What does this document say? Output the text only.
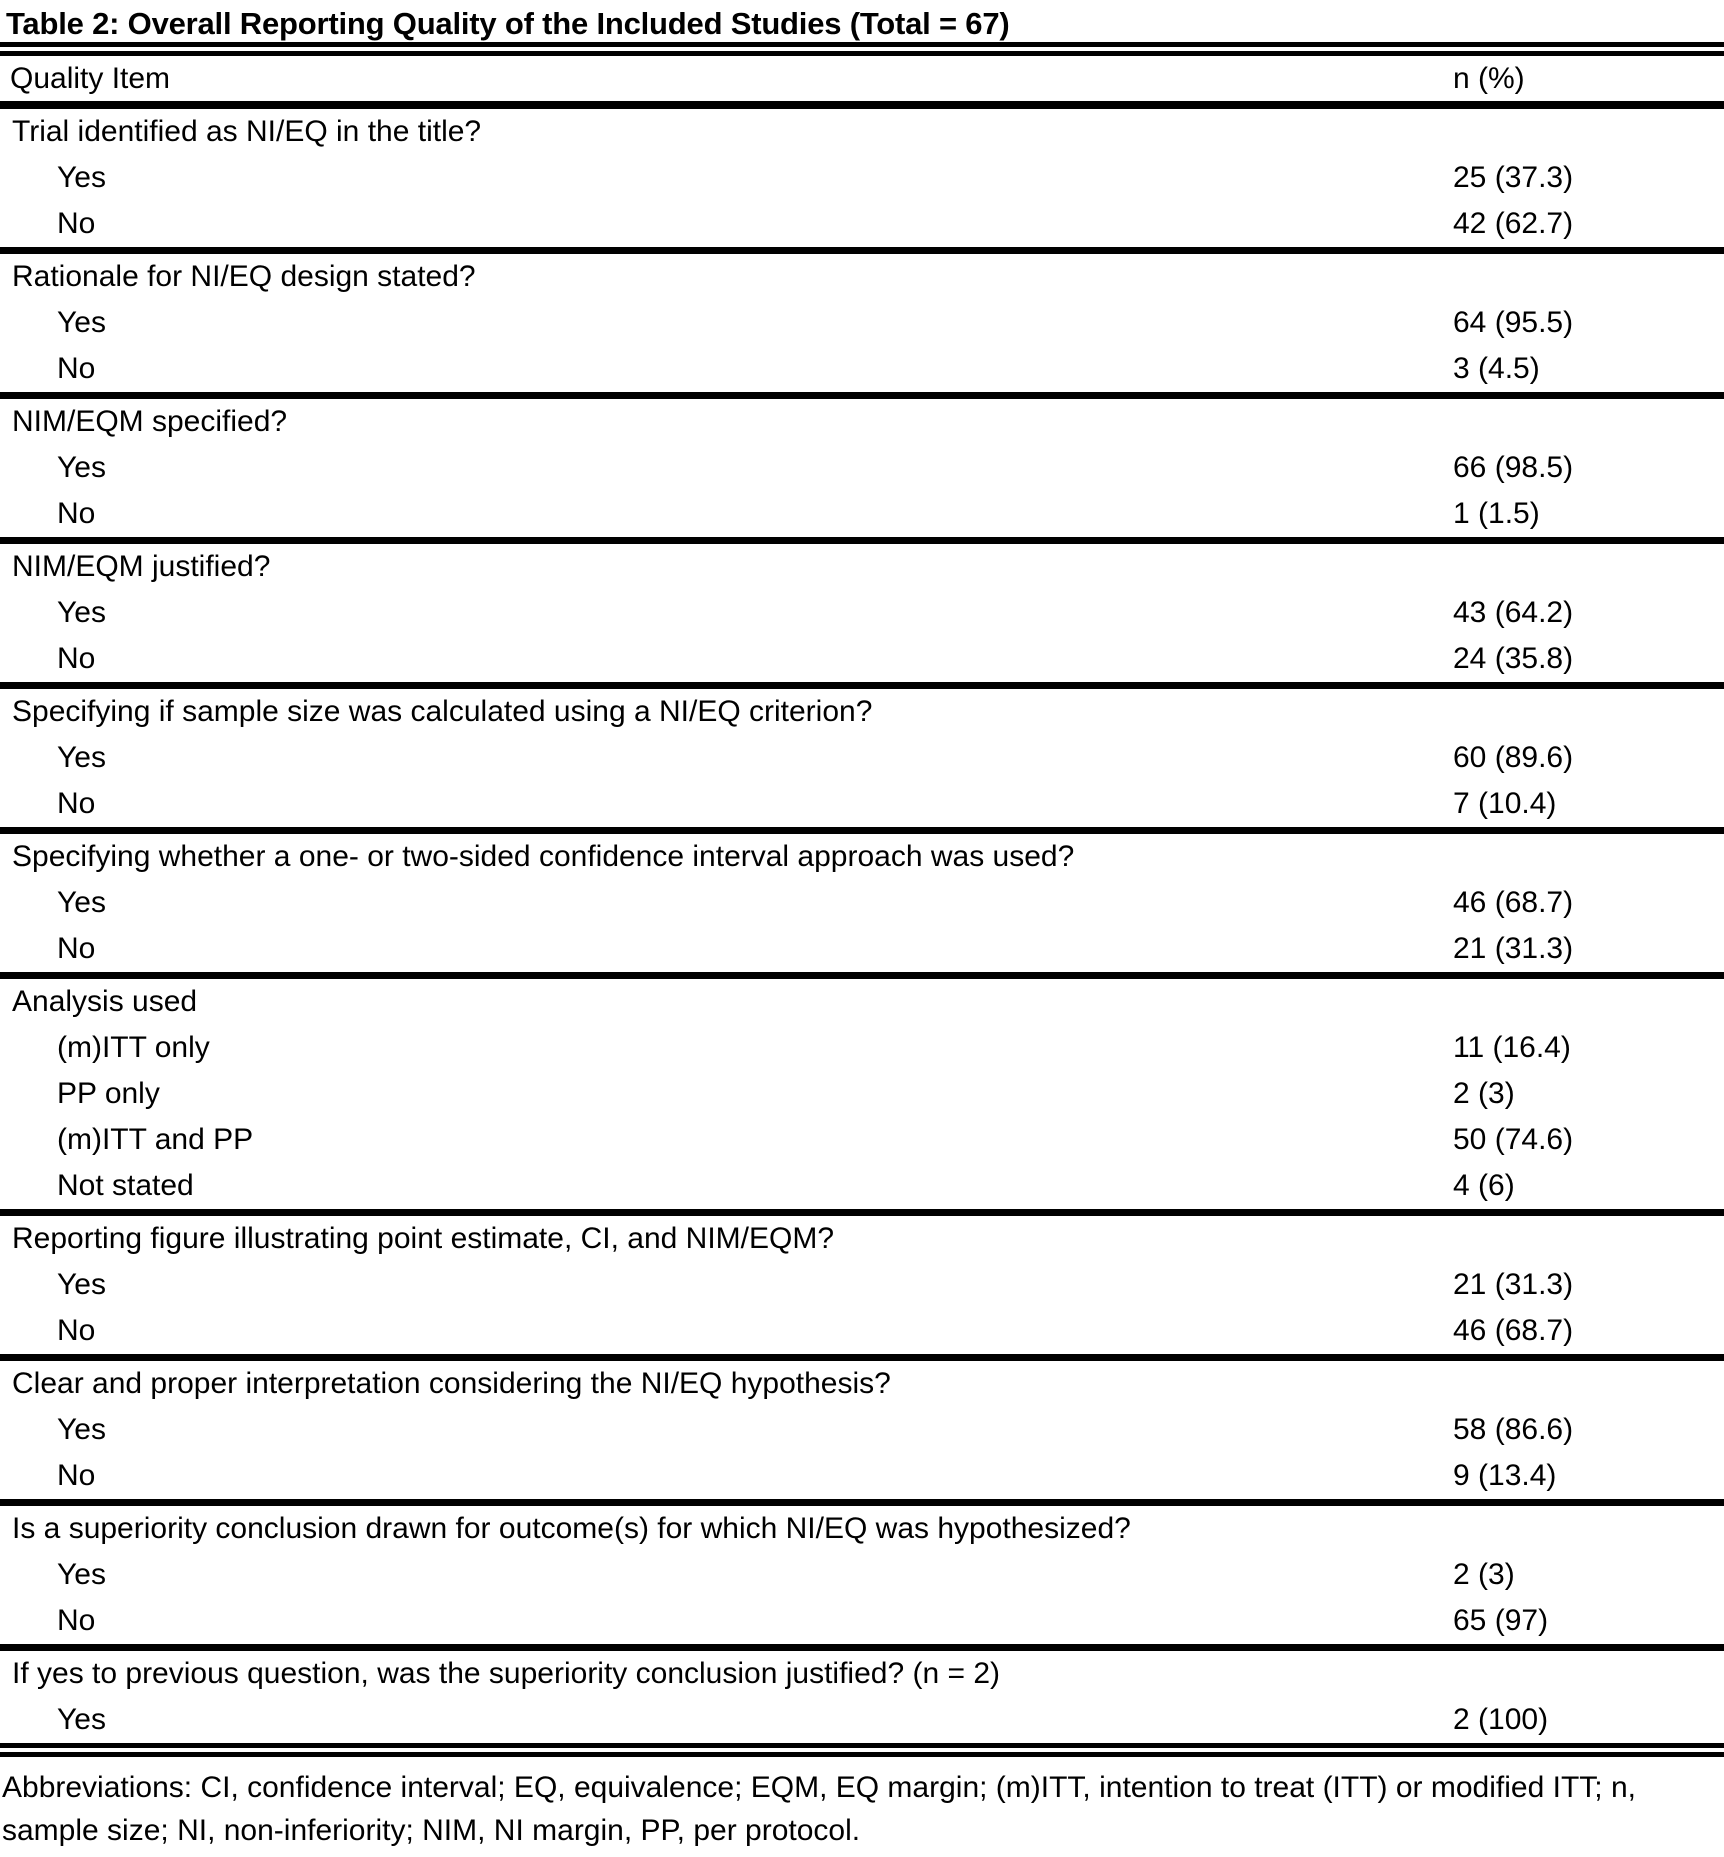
Table 2: Overall Reporting Quality of the Included Studies (Total = 67)
Quality Item	n (%)
Trial identified as NI/EQ in the title?
Yes	25 (37.3)
No	42 (62.7)
Rationale for NI/EQ design stated?
Yes	64 (95.5)
No	3 (4.5)
NIM/EQM specified?
Yes	66 (98.5)
No	1 (1.5)
NIM/EQM justified?
Yes	43 (64.2)
No	24 (35.8)
Specifying if sample size was calculated using a NI/EQ criterion?
Yes	60 (89.6)
No	7 (10.4)
Specifying whether a one- or two-sided confidence interval approach was used?
Yes	46 (68.7)
No	21 (31.3)
Analysis used
(m)ITT only	11 (16.4)
PP only	2 (3)
(m)ITT and PP	50 (74.6)
Not stated	4 (6)
Reporting figure illustrating point estimate, CI, and NIM/EQM?
Yes	21 (31.3)
No	46 (68.7)
Clear and proper interpretation considering the NI/EQ hypothesis?
Yes	58 (86.6)
No	9 (13.4)
Is a superiority conclusion drawn for outcome(s) for which NI/EQ was hypothesized?
Yes	2 (3)
No	65 (97)
If yes to previous question, was the superiority conclusion justified? (n = 2)
Yes	2 (100)
Abbreviations: CI, confidence interval; EQ, equivalence; EQM, EQ margin; (m)ITT, intention to treat (ITT) or modified ITT; n, sample size; NI, non-inferiority; NIM, NI margin, PP, per protocol.
